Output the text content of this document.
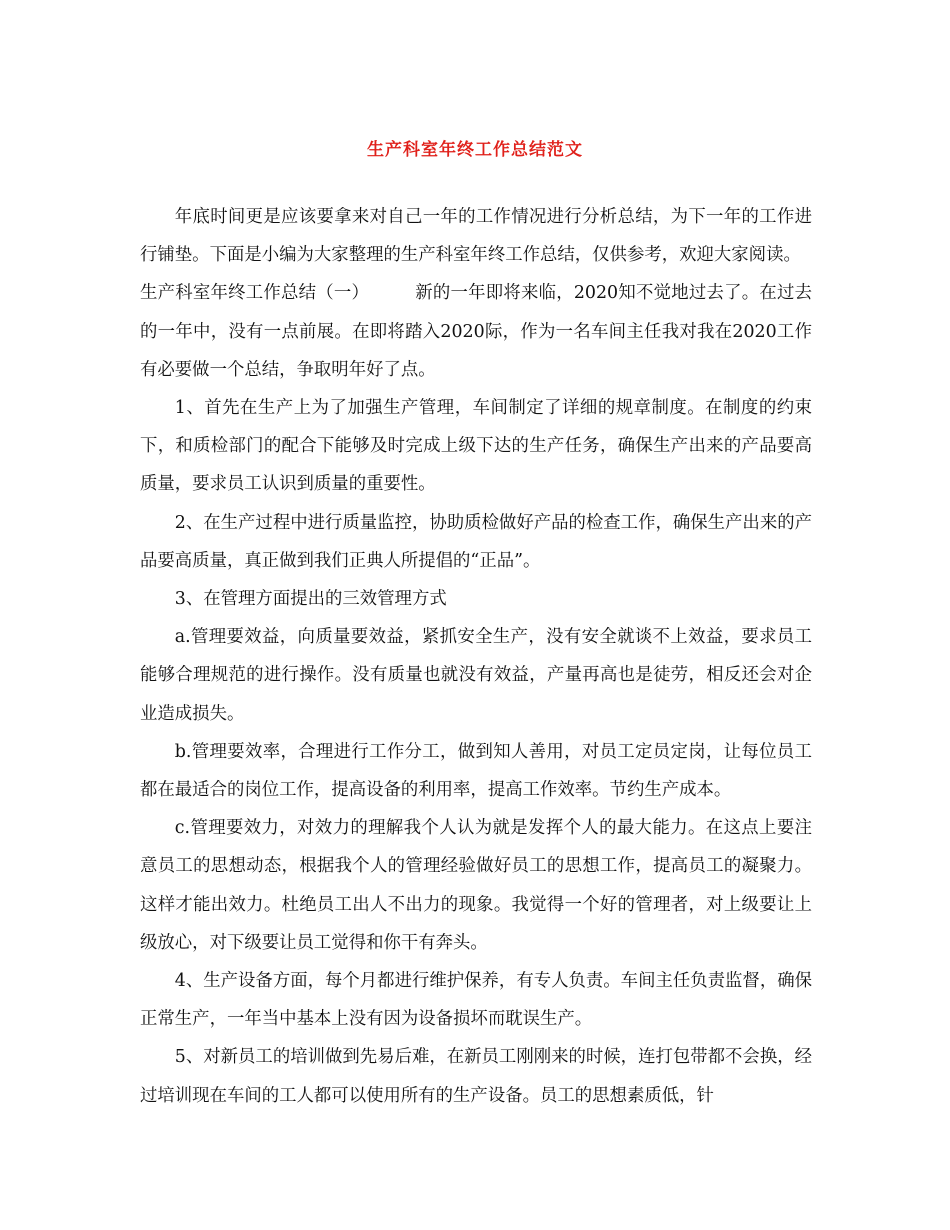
生产科室年终工作总结范文

年底时间更是应该要拿来对自己一年的工作情况进行分析总结，为下一年的工作进行铺垫。下面是小编为大家整理的生产科室年终工作总结，仅供参考，欢迎大家阅读。

生产科室年终工作总结（一）        新的一年即将来临，2020知不觉地过去了。在过去的一年中，没有一点前展。在即将踏入2020际，作为一名车间主任我对我在2020工作有必要做一个总结，争取明年好了点。

1、首先在生产上为了加强生产管理，车间制定了详细的规章制度。在制度的约束下，和质检部门的配合下能够及时完成上级下达的生产任务，确保生产出来的产品要高质量，要求员工认识到质量的重要性。

2、在生产过程中进行质量监控，协助质检做好产品的检查工作，确保生产出来的产品要高质量，真正做到我们正典人所提倡的“正品”。

3、在管理方面提出的三效管理方式

a.管理要效益，向质量要效益，紧抓安全生产，没有安全就谈不上效益，要求员工能够合理规范的进行操作。没有质量也就没有效益，产量再高也是徒劳，相反还会对企业造成损失。

b.管理要效率，合理进行工作分工，做到知人善用，对员工定员定岗，让每位员工都在最适合的岗位工作，提高设备的利用率，提高工作效率。节约生产成本。

c.管理要效力，对效力的理解我个人认为就是发挥个人的最大能力。在这点上要注意员工的思想动态，根据我个人的管理经验做好员工的思想工作，提高员工的凝聚力。这样才能出效力。杜绝员工出人不出力的现象。我觉得一个好的管理者，对上级要让上级放心，对下级要让员工觉得和你干有奔头。

4、生产设备方面，每个月都进行维护保养，有专人负责。车间主任负责监督，确保正常生产，一年当中基本上没有因为设备损坏而耽误生产。

5、对新员工的培训做到先易后难，在新员工刚刚来的时候，连打包带都不会换，经过培训现在车间的工人都可以使用所有的生产设备。员工的思想素质低，针
